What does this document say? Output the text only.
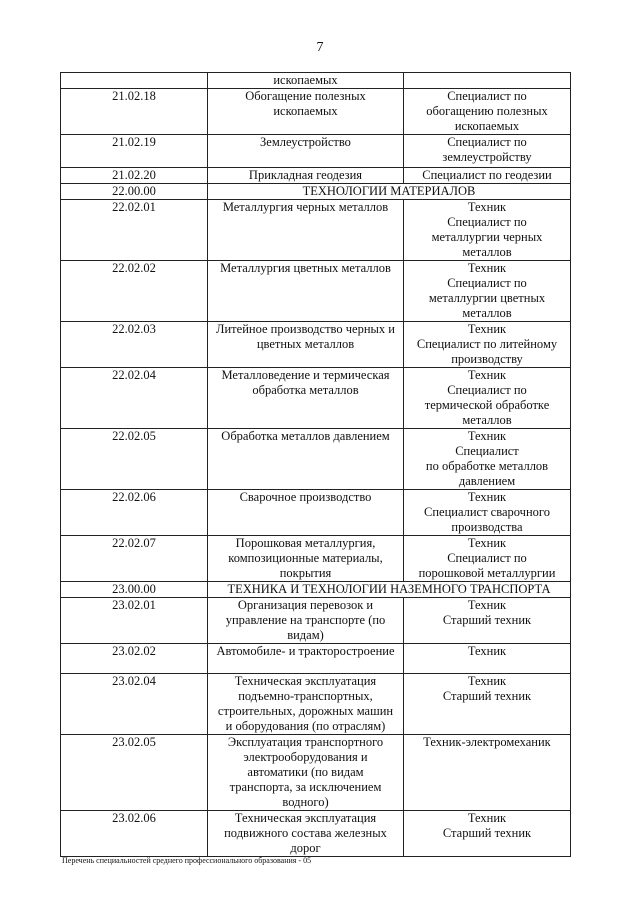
7

	ископаемых	

21.02.18	Обогащение полезных
ископаемых	Специалист по
обогащению полезных
ископаемых

21.02.19	Землеустройство	Специалист по
землеустройству

21.02.20	Прикладная геодезия	Специалист по геодезии

22.00.00	ТЕХНОЛОГИИ МАТЕРИАЛОВ	

22.02.01	Металлургия черных металлов	Техник
Специалист по
металлургии черных
металлов

22.02.02	Металлургия цветных металлов	Техник
Специалист по
металлургии цветных
металлов

22.02.03	Литейное производство черных и
цветных металлов	Техник
Специалист по литейному
производству

22.02.04	Металловедение и термическая
обработка металлов	Техник
Специалист по
термической обработке
металлов

22.02.05	Обработка металлов давлением	Техник
Специалист
по обработке металлов
давлением

22.02.06	Сварочное производство	Техник
Специалист сварочного
производства

22.02.07	Порошковая металлургия,
композиционные материалы,
покрытия	Техник
Специалист по
порошковой металлургии

23.00.00	ТЕХНИКА И ТЕХНОЛОГИИ НАЗЕМНОГО ТРАНСПОРТА	

23.02.01	Организация перевозок и
управление на транспорте (по
видам)	Техник
Старший техник

23.02.02	Автомобиле- и тракторостроение	Техник

23.02.04	Техническая эксплуатация
подъемно-транспортных,
строительных, дорожных машин
и оборудования (по отраслям)	Техник
Старший техник

23.02.05	Эксплуатация транспортного
электрооборудования и
автоматики (по видам
транспорта, за исключением
водного)	Техник-электромеханик

23.02.06	Техническая эксплуатация
подвижного состава железных
дорог	Техник
Старший техник
Перечень специальностей среднего профессионального образования - 05
